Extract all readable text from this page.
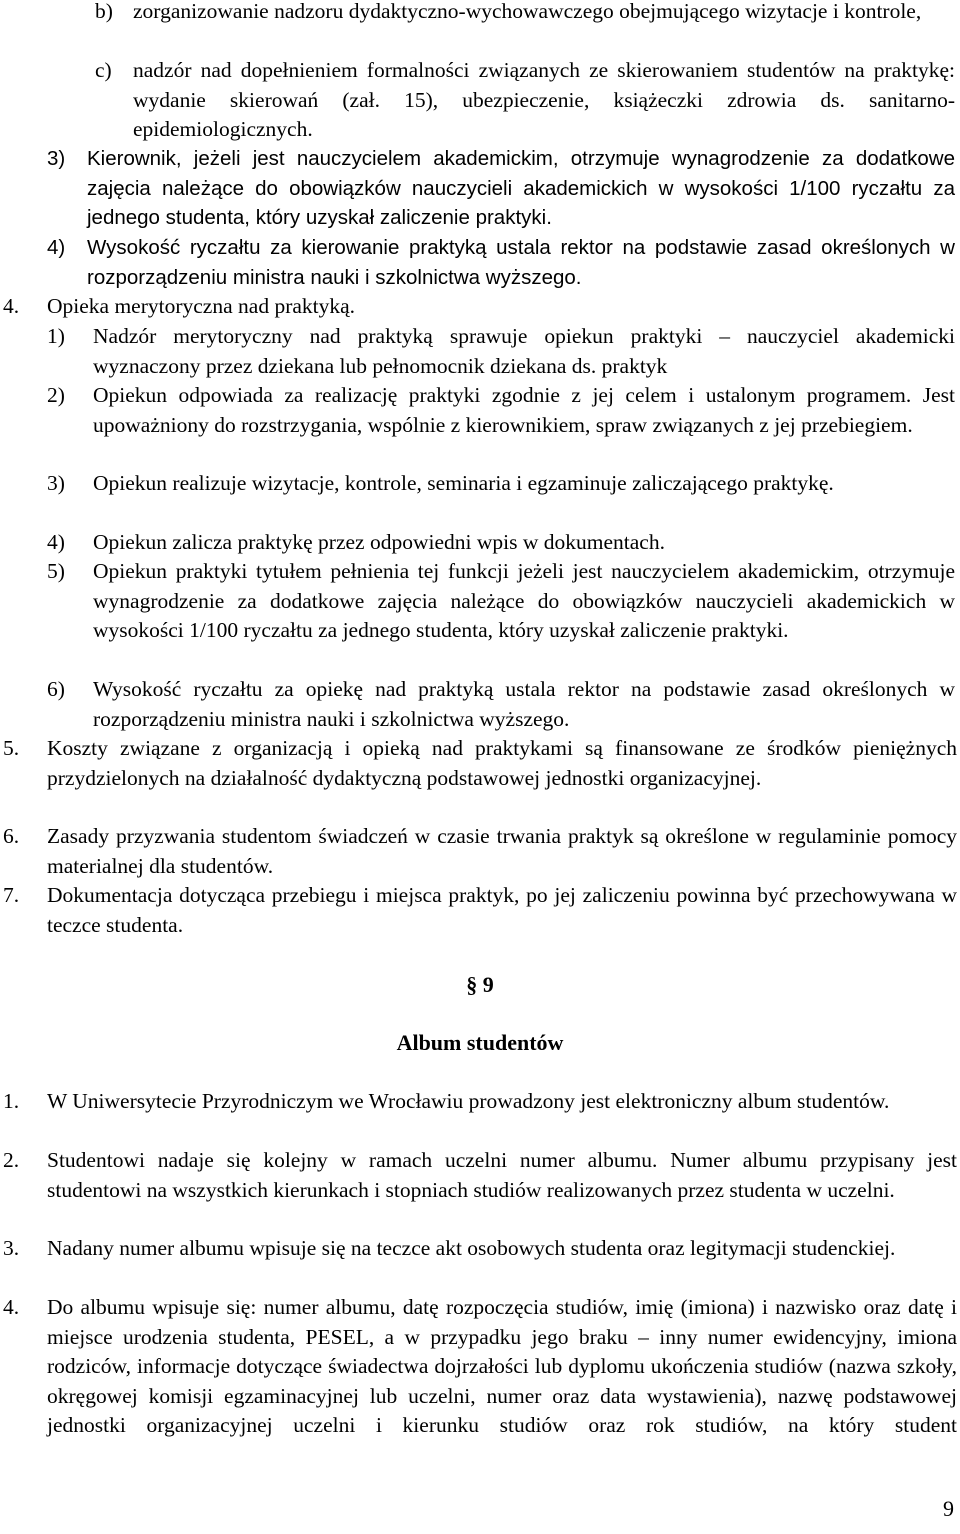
b) zorganizowanie nadzoru dydaktyczno-wychowawczego obejmującego wizytacje i kontrole,
c) nadzór nad dopełnieniem formalności związanych ze skierowaniem studentów na praktykę: wydanie skierowań (zał. 15), ubezpieczenie, książeczki zdrowia ds. sanitarno-epidemiologicznych.
3)	Kierownik, jeżeli jest nauczycielem akademickim, otrzymuje wynagrodzenie za dodatkowe zajęcia należące do obowiązków nauczycieli akademickich w wysokości 1/100 ryczałtu za jednego studenta, który uzyskał zaliczenie praktyki.
4)	Wysokość ryczałtu za kierowanie praktyką ustala rektor na podstawie zasad określonych w rozporządzeniu ministra nauki i szkolnictwa wyższego.
4.	Opieka merytoryczna nad praktyką.
1)	Nadzór merytoryczny nad praktyką sprawuje opiekun praktyki – nauczyciel akademicki wyznaczony przez dziekana lub pełnomocnik dziekana ds. praktyk
2)	Opiekun odpowiada za realizację praktyki zgodnie z jej celem i ustalonym programem. Jest upoważniony do rozstrzygania, wspólnie z kierownikiem, spraw związanych z jej przebiegiem.
3)	Opiekun realizuje wizytacje, kontrole, seminaria i egzaminuje zaliczającego praktykę.
4)	Opiekun zalicza praktykę przez odpowiedni wpis w dokumentach.
5)	Opiekun praktyki tytułem pełnienia tej funkcji jeżeli jest nauczycielem akademickim, otrzymuje wynagrodzenie za dodatkowe zajęcia należące do obowiązków nauczycieli akademickich w wysokości 1/100 ryczałtu za jednego studenta, który uzyskał zaliczenie praktyki.
6)	Wysokość ryczałtu za opiekę nad praktyką ustala rektor na podstawie zasad określonych w rozporządzeniu ministra nauki i szkolnictwa wyższego.
5.	Koszty związane z organizacją i opieką nad praktykami są finansowane ze środków pieniężnych przydzielonych na działalność dydaktyczną podstawowej jednostki organizacyjnej.
6.	Zasady przyzwania studentom świadczeń w czasie trwania praktyk są określone w regulaminie pomocy materialnej dla studentów.
7.	Dokumentacja dotycząca przebiegu i miejsca praktyk, po jej zaliczeniu powinna być przechowywana w teczce studenta.
§ 9
Album studentów
1.	W Uniwersytecie Przyrodniczym we Wrocławiu prowadzony jest elektroniczny album studentów.
2.	Studentowi nadaje się kolejny w ramach uczelni numer albumu. Numer albumu przypisany jest studentowi na wszystkich kierunkach i stopniach studiów realizowanych przez studenta w uczelni.
3.	Nadany numer albumu wpisuje się na teczce akt osobowych studenta oraz legitymacji studenckiej.
4.	Do albumu wpisuje się: numer albumu, datę rozpoczęcia studiów, imię (imiona) i nazwisko oraz datę i miejsce urodzenia studenta, PESEL, a w przypadku jego braku – inny numer ewidencyjny, imiona rodziców, informacje dotyczące świadectwa dojrzałości lub dyplomu ukończenia studiów (nazwa szkoły, okręgowej komisji egzaminacyjnej lub uczelni, numer oraz data wystawienia), nazwę podstawowej jednostki organizacyjnej uczelni i kierunku studiów oraz rok studiów, na który student
9
